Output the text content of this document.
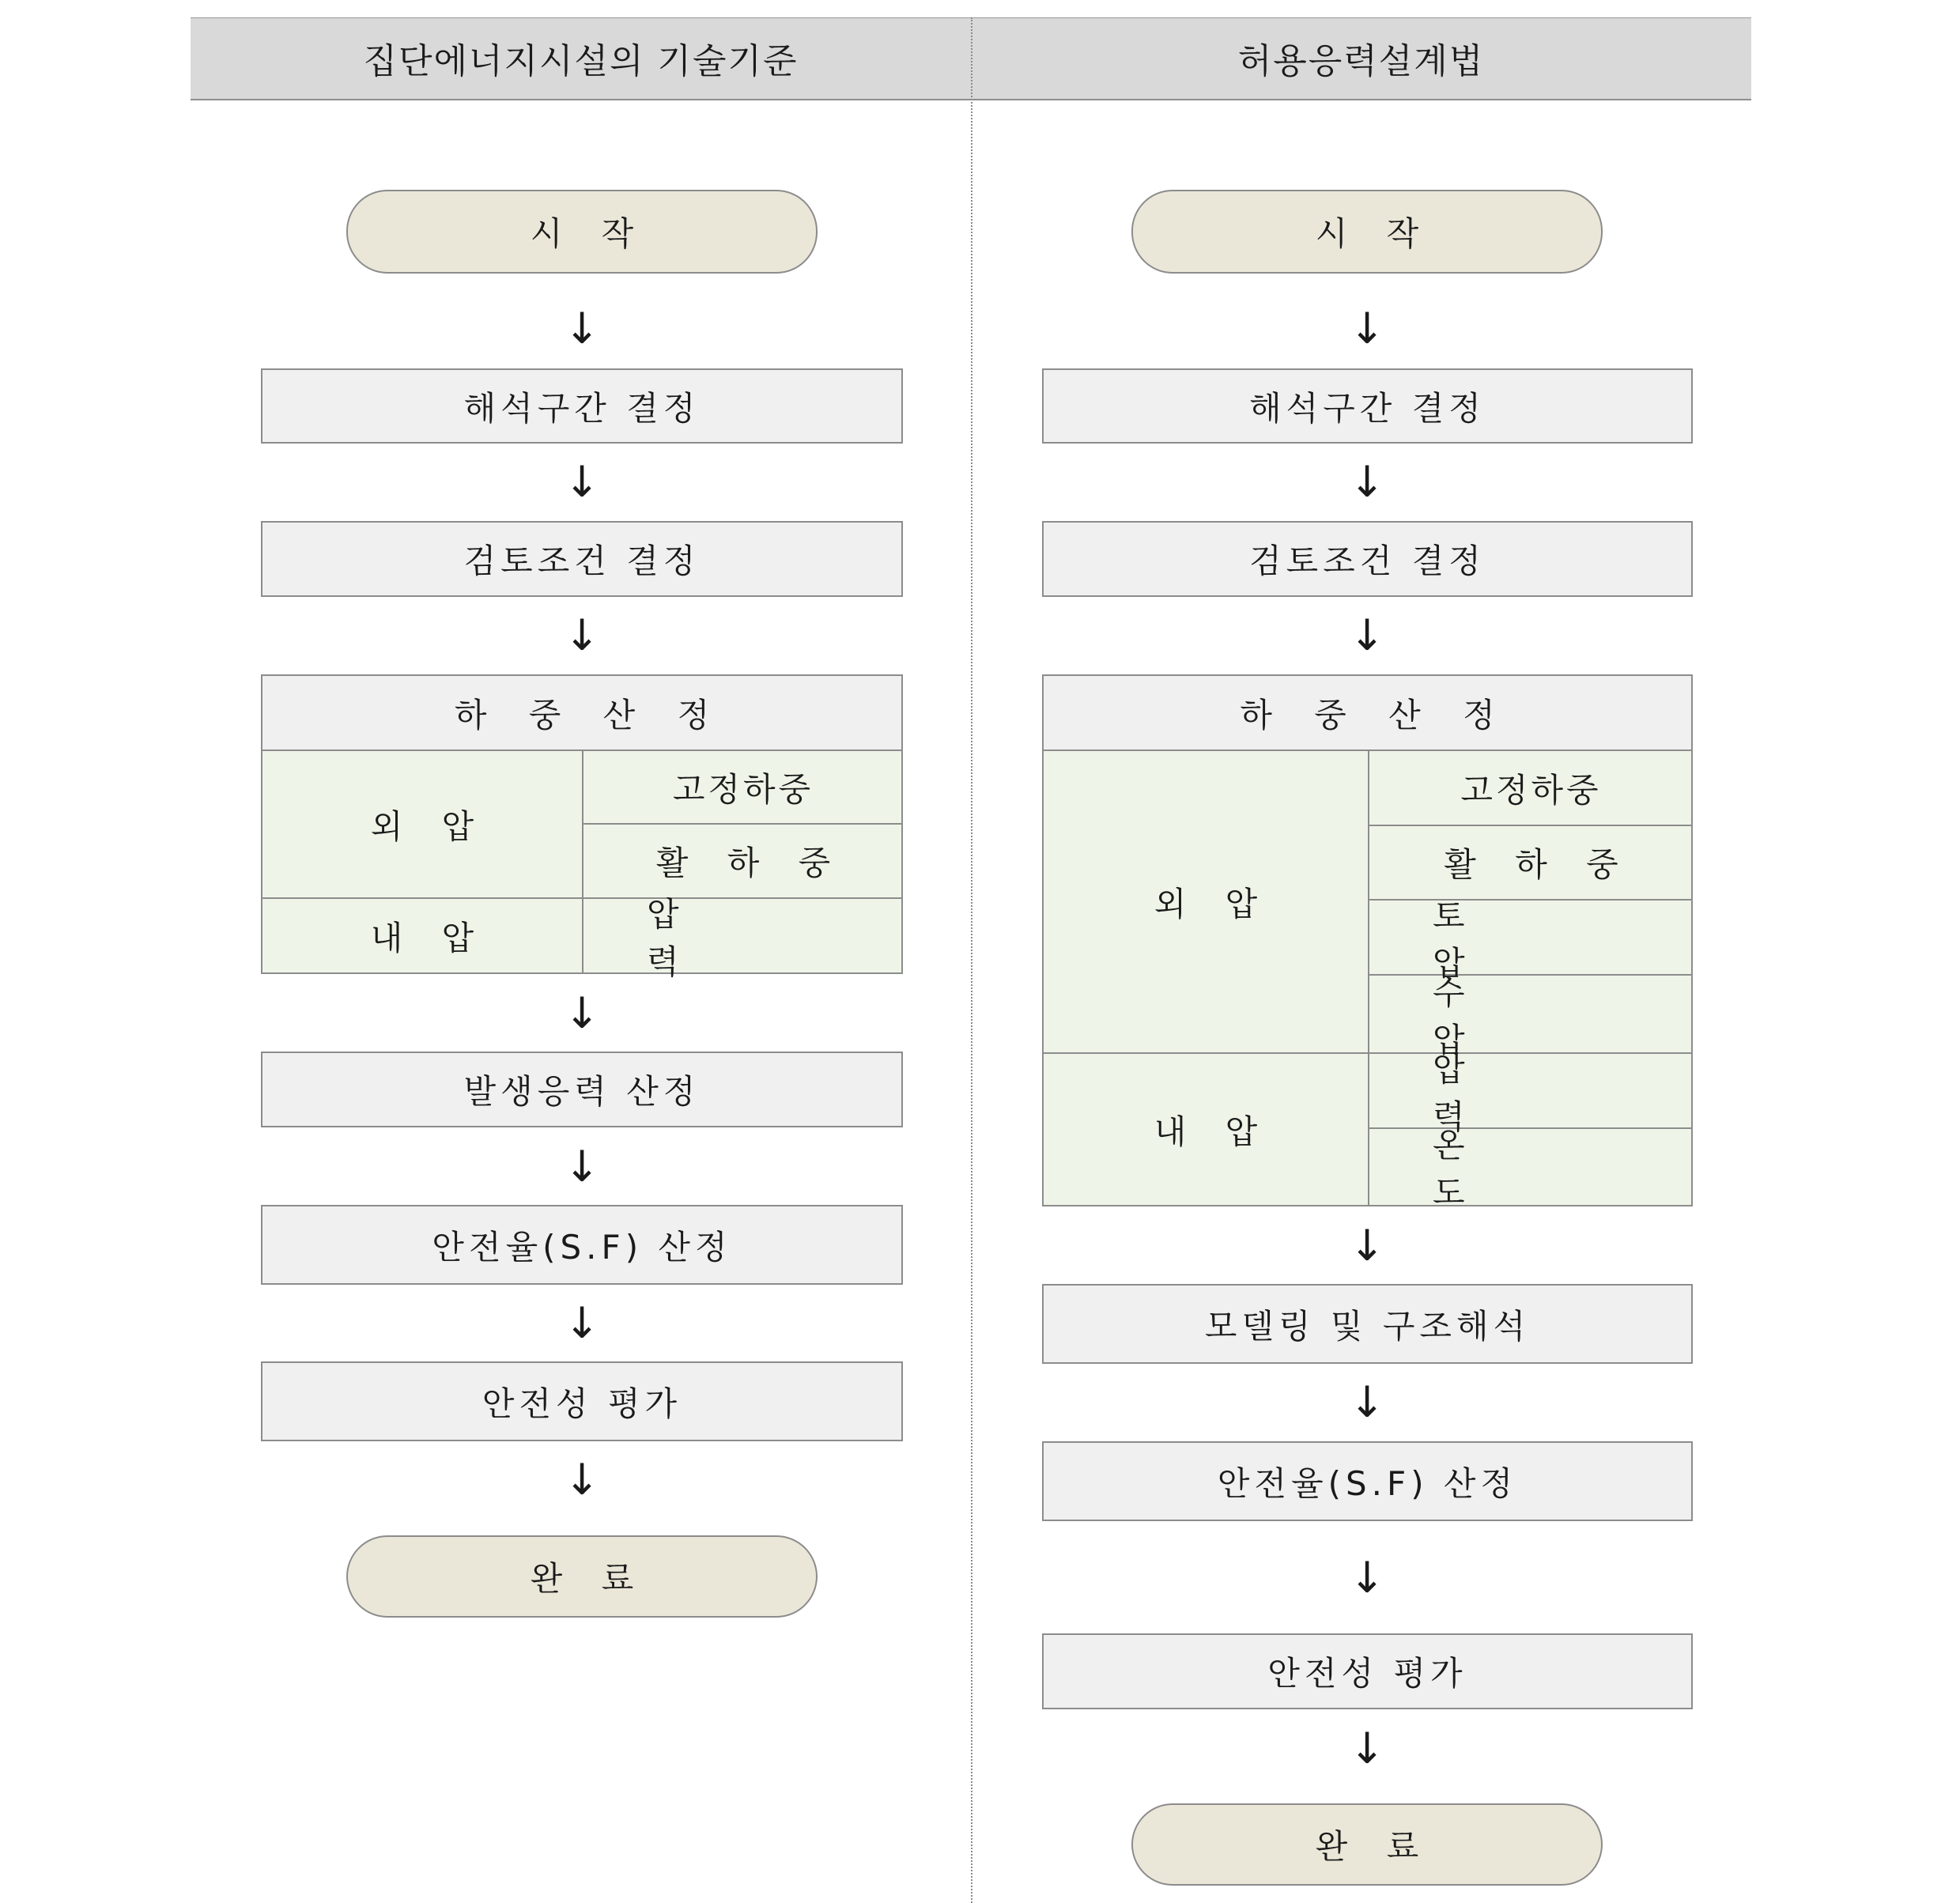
집단에너지시설의 기술기준	허용응력설계법
시 작
↓
해석구간 결정
↓
검토조건 결정
↓
하 중 산 정
외 압
고정하중
활 하 중
내 압
압 력
↓
발생응력 산정
↓
안전율(S.F) 산정
↓
안전성 평가
↓
완 료
시 작
↓
해석구간 결정
↓
검토조건 결정
↓
하 중 산 정
외 압
고정하중
활 하 중
토 압
수 압
내 압
압 력
온 도
↓
모델링 및 구조해석
↓
안전율(S.F) 산정
↓
안전성 평가
↓
완 료
